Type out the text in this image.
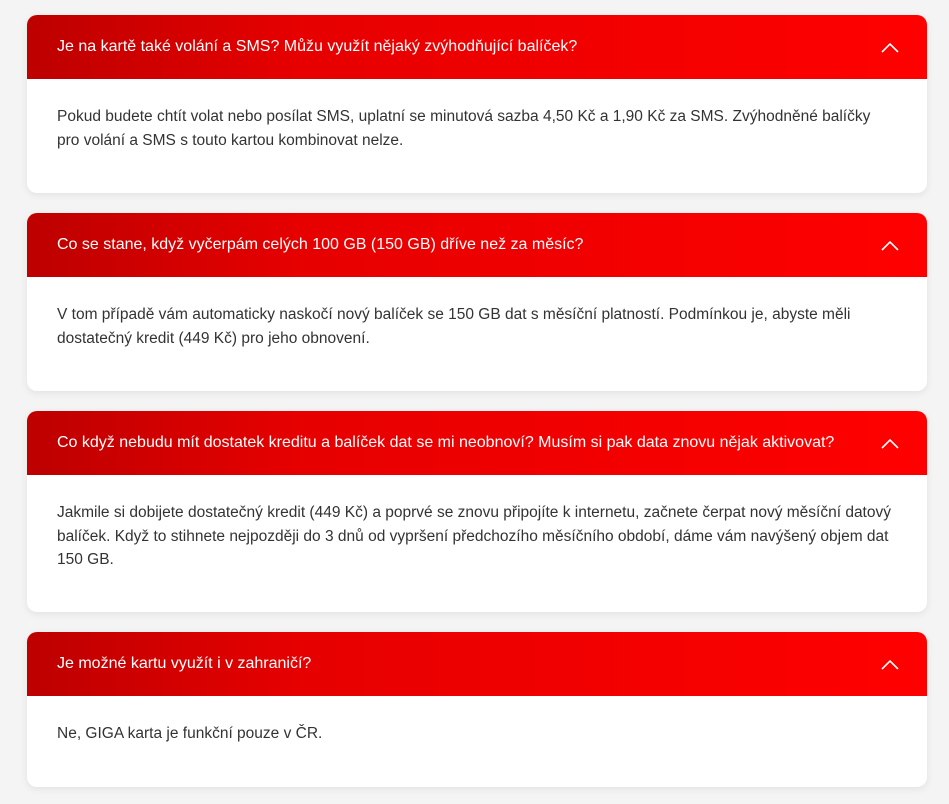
Je na kartě také volání a SMS? Můžu využít nějaký zvýhodňující balíček?

Pokud budete chtít volat nebo posílat SMS, uplatní se minutová sazba 4,50 Kč a 1,90 Kč za SMS. Zvýhodněné balíčky pro volání a SMS s touto kartou kombinovat nelze.

Co se stane, když vyčerpám celých 100 GB (150 GB) dříve než za měsíc?

V tom případě vám automaticky naskočí nový balíček se 150 GB dat s měsíční platností. Podmínkou je, abyste měli dostatečný kredit (449 Kč) pro jeho obnovení.

Co když nebudu mít dostatek kreditu a balíček dat se mi neobnoví? Musím si pak data znovu nějak aktivovat?

Jakmile si dobijete dostatečný kredit (449 Kč) a poprvé se znovu připojíte k internetu, začnete čerpat nový měsíční datový balíček. Když to stihnete nejpozději do 3 dnů od vypršení předchozího měsíčního období, dáme vám navýšený objem dat 150 GB.

Je možné kartu využít i v zahraničí?

Ne, GIGA karta je funkční pouze v ČR.
